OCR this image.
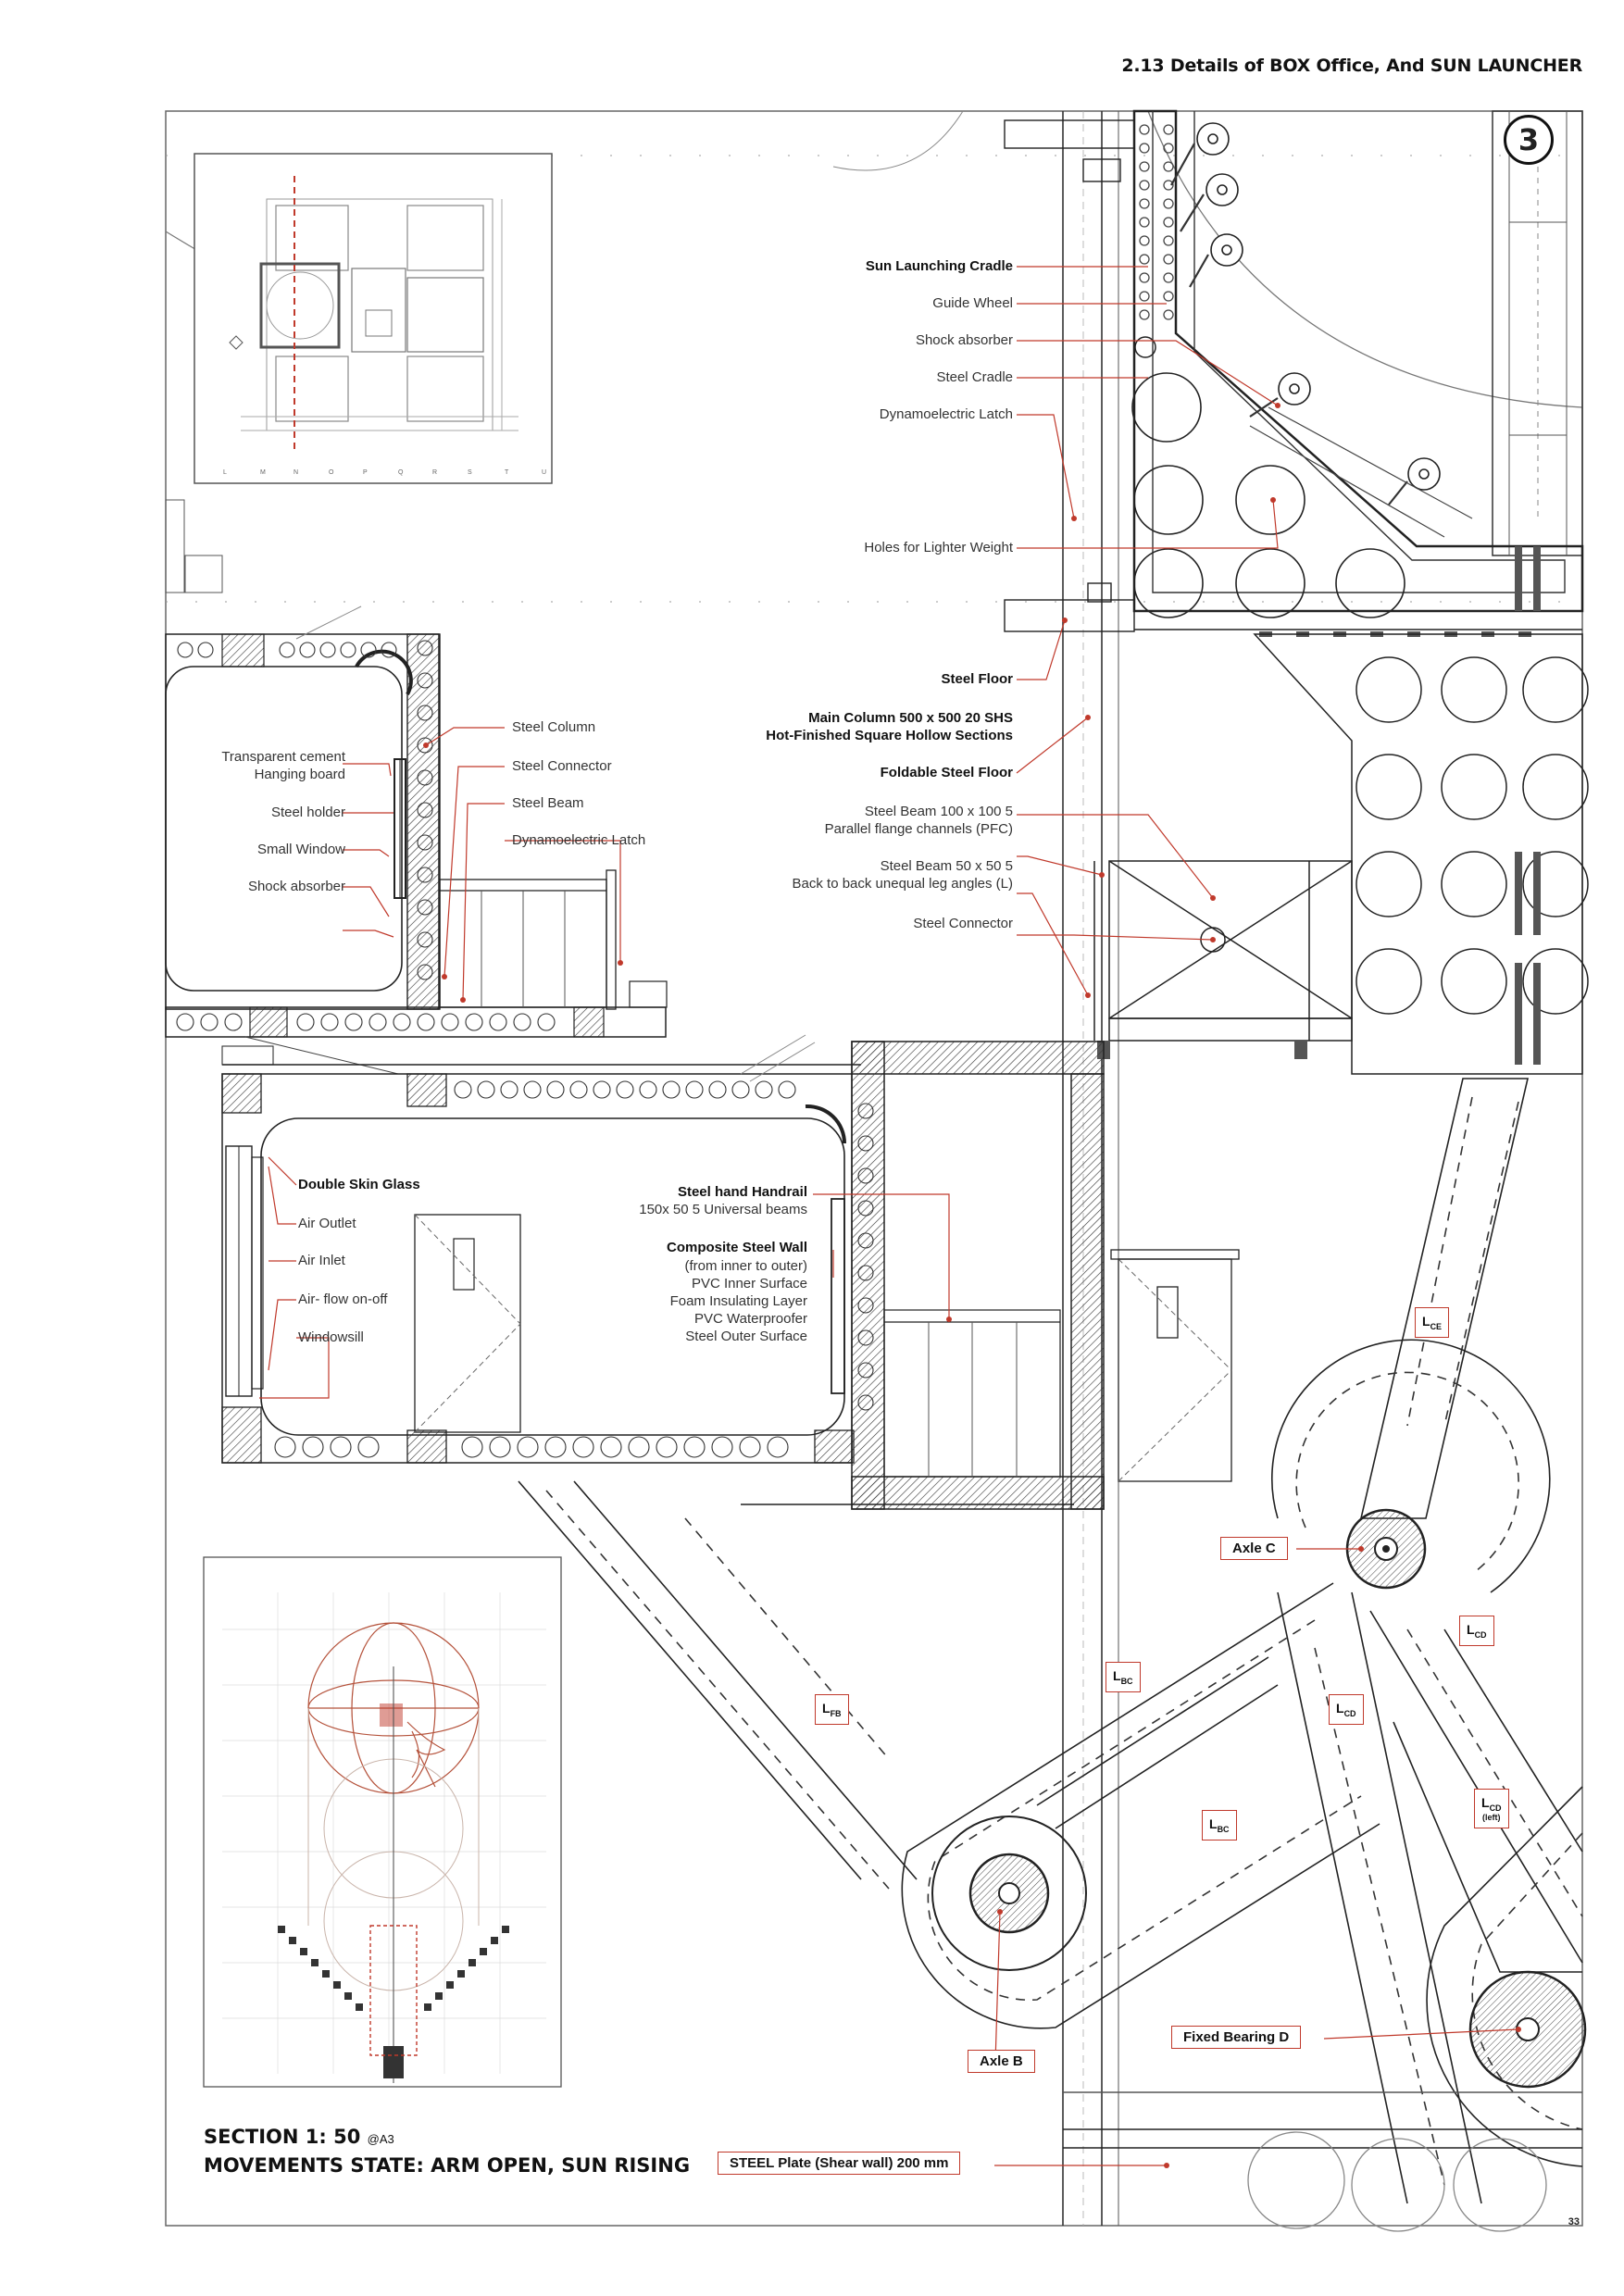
L	M	N	O	P	Q	R	S	T	U
2.13 Details of BOX Office, And SUN LAUNCHER
3
33
Sun Launching Cradle
Guide Wheel
Shock absorber
Steel Cradle
Dynamoelectric Latch
Holes for Lighter Weight
Steel Floor
Main Column 500 x 500 20 SHS
Hot-Finished Square Hollow Sections
Foldable Steel Floor
Steel Beam 100 x 100 5
Parallel flange channels (PFC)
Steel Beam 50 x 50 5
Back to back unequal leg angles (L)
Steel Connector
Steel Column
Steel Connector
Steel Beam
Dynamoelectric Latch
Transparent cement
Hanging board
Steel holder
Small Window
Shock absorber
Double Skin Glass
Air Outlet
Air Inlet
Air- flow on-off
Windowsill
Steel hand Handrail
150x 50 5 Universal beams
Composite Steel Wall
(from inner to outer)
PVC Inner Surface
Foam Insulating Layer
PVC Waterproofer
Steel Outer Surface
Axle C
Axle B
Fixed Bearing D
STEEL Plate (Shear wall) 200 mm
$L_{CE}$
$L_{CD}$
$L_{BC}$
$L_{FB}$	$L_{CD}$
$L_{BC}$
$L_{CD}$
(left)
SECTION 1: 50 @A3
MOVEMENTS STATE: ARM OPEN, SUN RISING
